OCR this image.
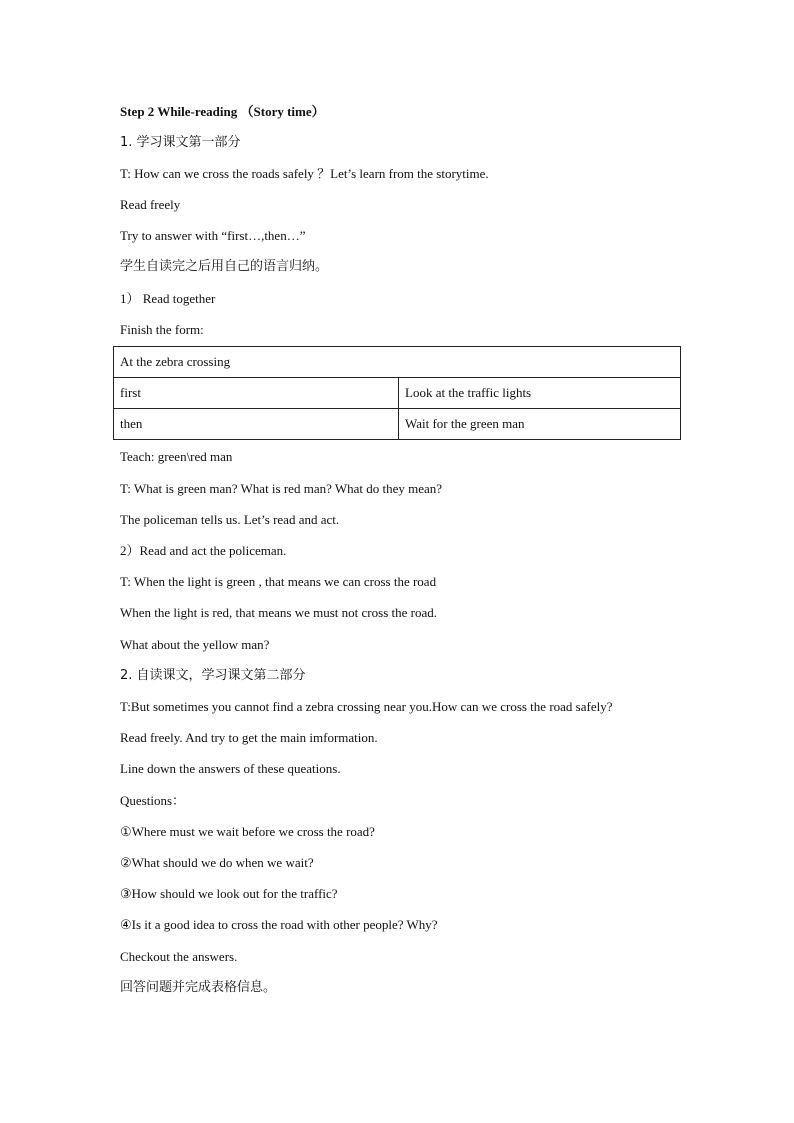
Step 2 While-reading （Story time）
1. 学习课文第一部分
T: How can we cross the roads safely ？Let’s learn from the storytime.
Read freely
Try to answer with “first…,then…”
学生自读完之后用自己的语言归纳。
1） Read together
Finish the form:
At the zebra crossing	
first	Look at the traffic lights
then	Wait for the green man
Teach: green\red man
T: What is green man? What is red man? What do they mean?
The policeman tells us. Let’s read and act.
2）Read and act the policeman.
T: When the light is green , that means we can cross the road
When the light is red, that means we must not cross the road.
What about the yellow man?
2. 自读课文，学习课文第二部分
T:But sometimes you cannot find a zebra crossing near you.How can we cross the road safely?
Read freely. And try to get the main imformation.
Line down the answers of these queations.
Questions：
①Where must we wait before we cross the road?
②What should we do when we wait?
③How should we look out for the traffic?
④Is it a good idea to cross the road with other people? Why?
Checkout the answers.
回答问题并完成表格信息。
